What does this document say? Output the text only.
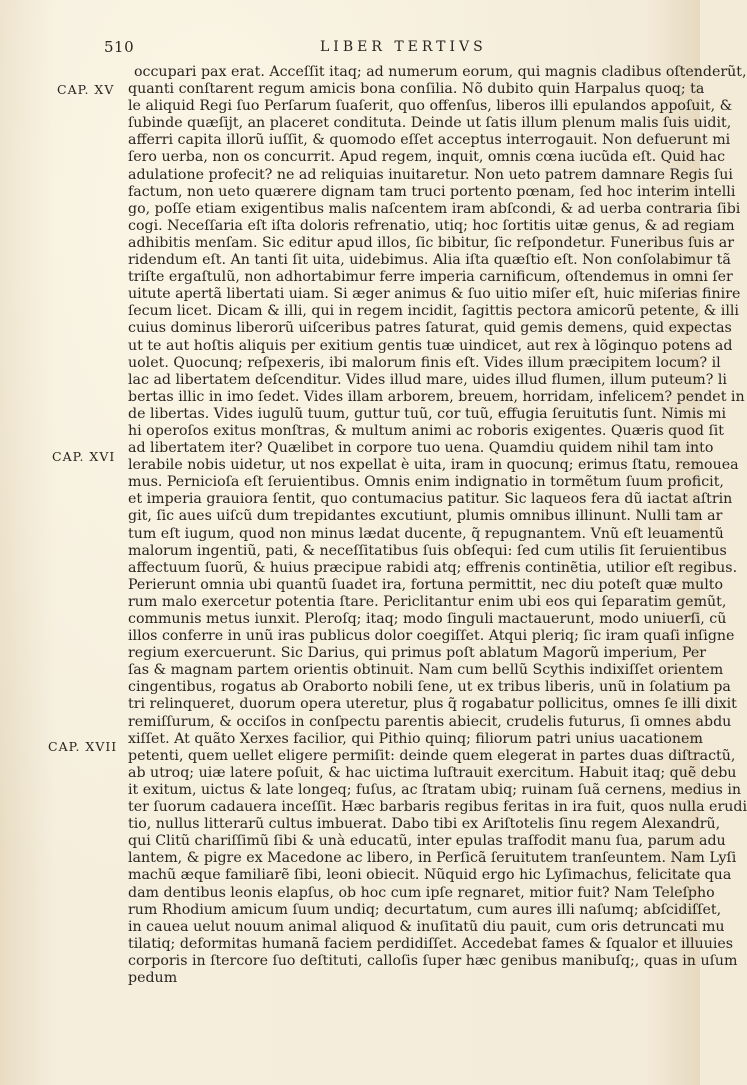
510	LIBER TERTIVS
CAP. XV
CAP. XVI
CAP. XVII
occupari pax erat. Acceſſit itaq; ad numerum eorum, qui magnis cladibus oſtenderũt,
quanti conſtarent regum amicis bona conſilia. Nõ dubito quin Harpalus quoq; ta
le aliquid Regi ſuo Perſarum ſuaſerit, quo offenſus, liberos illi epulandos appoſuit, &
ſubinde quæſijt, an placeret condituta. Deinde ut ſatis illum plenum malis ſuis uidit,
afferri capita illorũ iuſſit, & quomodo eſſet acceptus interrogauit. Non defuerunt mi
ſero uerba, non os concurrit. Apud regem, inquit, omnis cœna iucũda eſt. Quid hac
adulatione profecit? ne ad reliquias inuitaretur. Non ueto patrem damnare Regis ſui
factum, non ueto quærere dignam tam truci portento pœnam, ſed hoc interim intelli
go, poſſe etiam exigentibus malis naſcentem iram abſcondi, & ad uerba contraria ſibi
cogi. Neceſſaria eſt iſta doloris refrenatio, utiq; hoc ſortitis uitæ genus, & ad regiam
adhibitis menſam. Sic editur apud illos, ſic bibitur, ſic reſpondetur. Funeribus ſuis ar
ridendum eſt. An tanti ſit uita, uidebimus. Alia iſta quæſtio eſt. Non conſolabimur tã
triſte ergaſtulũ, non adhortabimur ferre imperia carnificum, oſtendemus in omni ſer
uitute apertã libertati uiam. Si æger animus & ſuo uitio miſer eſt, huic miſerias finire
ſecum licet. Dicam & illi, qui in regem incidit, ſagittis pectora amicorũ petente, & illi
cuius dominus liberorũ uiſceribus patres ſaturat, quid gemis demens, quid expectas
ut te aut hoſtis aliquis per exitium gentis tuæ uindicet, aut rex à lõginquo potens ad
uolet. Quocunq; reſpexeris, ibi malorum finis eſt. Vides illum præcipitem locum? il
lac ad libertatem deſcenditur. Vides illud mare, uides illud flumen, illum puteum? li
bertas illic in imo ſedet. Vides illam arborem, breuem, horridam, infelicem? pendet in
de libertas. Vides iugulũ tuum, guttur tuũ, cor tuũ, effugia ſeruitutis ſunt. Nimis mi
hi operoſos exitus monſtras, & multum animi ac roboris exigentes. Quæris quod ſit
ad libertatem iter? Quælibet in corpore tuo uena. Quamdiu quidem nihil tam into
lerabile nobis uidetur, ut nos expellat è uita, iram in quocunq; erimus ſtatu, remouea
mus. Pernicioſa eſt ſeruientibus. Omnis enim indignatio in tormẽtum ſuum proficit,
et imperia grauiora ſentit, quo contumacius patitur. Sic laqueos fera dũ iactat aſtrin
git, ſic aues uiſcũ dum trepidantes excutiunt, plumis omnibus illinunt. Nulli tam ar
tum eſt iugum, quod non minus lædat ducente, q̃ repugnantem. Vnũ eſt leuamentũ
malorum ingentiũ, pati, & neceſſitatibus ſuis obſequi: ſed cum utilis ſit ſeruientibus
affectuum ſuorũ, & huius præcipue rabidi atq; effrenis continẽtia, utilior eſt regibus.
Perierunt omnia ubi quantũ ſuadet ira, fortuna permittit, nec diu poteſt quæ multo
rum malo exercetur potentia ſtare. Periclitantur enim ubi eos qui ſeparatim gemũt,
communis metus iunxit. Pleroſq; itaq; modo ſinguli mactauerunt, modo uniuerſi, cũ
illos conferre in unũ iras publicus dolor coegiſſet. Atqui pleriq; ſic iram quaſi inſigne
regium exercuerunt. Sic Darius, qui primus poſt ablatum Magorũ imperium, Per
ſas & magnam partem orientis obtinuit. Nam cum bellũ Scythis indixiſſet orientem
cingentibus, rogatus ab Oraborto nobili ſene, ut ex tribus liberis, unũ in ſolatium pa
tri relinqueret, duorum opera uteretur, plus q̃ rogabatur pollicitus, omnes ſe illi dixit
remiſſurum, & occiſos in conſpectu parentis abiecit, crudelis futurus, ſi omnes abdu
xiſſet. At quãto Xerxes facilior, qui Pithio quinq; filiorum patri unius uacationem
petenti, quem uellet eligere permiſit: deinde quem elegerat in partes duas diſtractũ,
ab utroq; uiæ latere poſuit, & hac uictima luſtrauit exercitum. Habuit itaq; quẽ debu
it exitum, uictus & late longeq; fuſus, ac ſtratam ubiq; ruinam ſuã cernens, medius in
ter ſuorum cadauera inceſſit. Hæc barbaris regibus feritas in ira fuit, quos nulla erudi
tio, nullus litterarũ cultus imbuerat. Dabo tibi ex Ariſtotelis ſinu regem Alexandrũ,
qui Clitũ chariſſimũ ſibi & unà educatũ, inter epulas traſfodit manu ſua, parum adu
lantem, & pigre ex Macedone ac libero, in Perſicã ſeruitutem tranſeuntem. Nam Lyſi
machũ æque familiarẽ ſibi, leoni obiecit. Nũquid ergo hic Lyſimachus, felicitate qua
dam dentibus leonis elapſus, ob hoc cum ipſe regnaret, mitior fuit? Nam Teleſpho
rum Rhodium amicum ſuum undiq; decurtatum, cum aures illi naſumq; abſcidiſſet,
in cauea uelut nouum animal aliquod & inuſitatũ diu pauit, cum oris detruncati mu
tilatiq; deformitas humanã faciem perdidiſſet. Accedebat fames & ſqualor et illuuies
corporis in ſtercore ſuo deſtituti, calloſis ſuper hæc genibus manibuſq;, quas in uſum
pedum
